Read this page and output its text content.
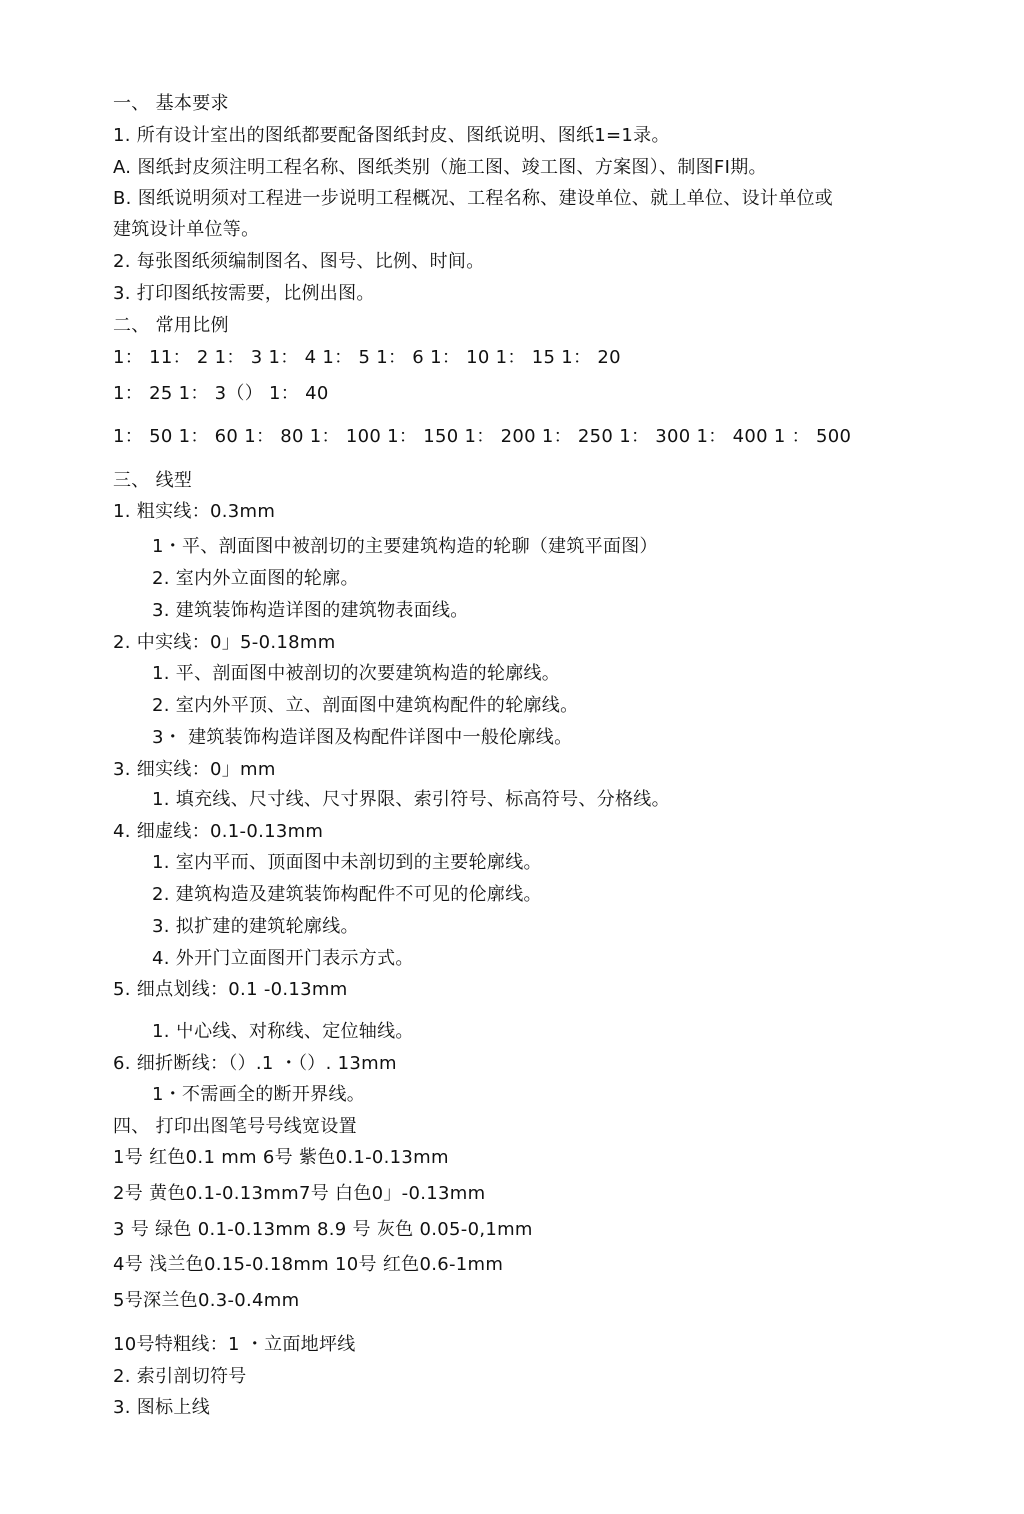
一、 基本要求
1. 所有设计室出的图纸都要配备图纸封皮、图纸说明、图纸1=1录。
A. 图纸封皮须注明工程名称、图纸类别（施工图、竣工图、方案图）、制图FI期。
B. 图纸说明须对工程进一步说明工程概况、工程名称、建设单位、就丄单位、设计单位或
建筑设计单位等。
2. 每张图纸须编制图名、图号、比例、时间。
3. 打印图纸按需要，比例出图。
二、 常用比例
1： 11： 2 1： 3 1： 4 1： 5 1： 6 1： 10 1： 15 1： 20
1： 25 1： 3（） 1： 40
1： 50 1： 60 1： 80 1： 100 1： 150 1： 200 1： 250 1： 300 1： 400 1 ： 500
三、 线型
1. 粗实线：0.3mm
1・平、剖面图中被剖切的主要建筑构造的轮聊（建筑平面图）
2. 室内外立面图的轮廓。
3. 建筑装饰构造详图的建筑物表面线。
2. 中实线：0」5-0.18mm
1. 平、剖面图中被剖切的次要建筑构造的轮廓线。
2. 室内外平顶、立、剖面图中建筑构配件的轮廓线。
3・ 建筑装饰构造详图及构配件详图中一般伦廓线。
3. 细实线：0」mm
1. 填充线、尺寸线、尺寸界限、索引符号、标高符号、分格线。
4. 细虚线：0.1-0.13mm
1. 室内平而、顶面图中未剖切到的主要轮廓线。
2. 建筑构造及建筑装饰构配件不可见的伦廓线。
3. 拟扩建的建筑轮廓线。
4. 外开门立面图开门表示方式。
5. 细点划线：0.1 -0.13mm
1. 屮心线、对称线、定位轴线。
6. 细折断线：（）.1 ・（）. 13mm
1・不需画全的断开界线。
四、 打印出图笔号号线宽设置
1号 红色0.1 mm 6号 紫色0.1-0.13mm
2号 黄色0.1-0.13mm7号 白色0」-0.13mm
3 号 绿色 0.1-0.13mm 8.9 号 灰色 0.05-0,1mm
4号 浅兰色0.15-0.18mm 10号 红色0.6-1mm
5号深兰色0.3-0.4mm
10号特粗线：1 ・立面地坪线
2. 索引剖切符号
3. 图标上线
